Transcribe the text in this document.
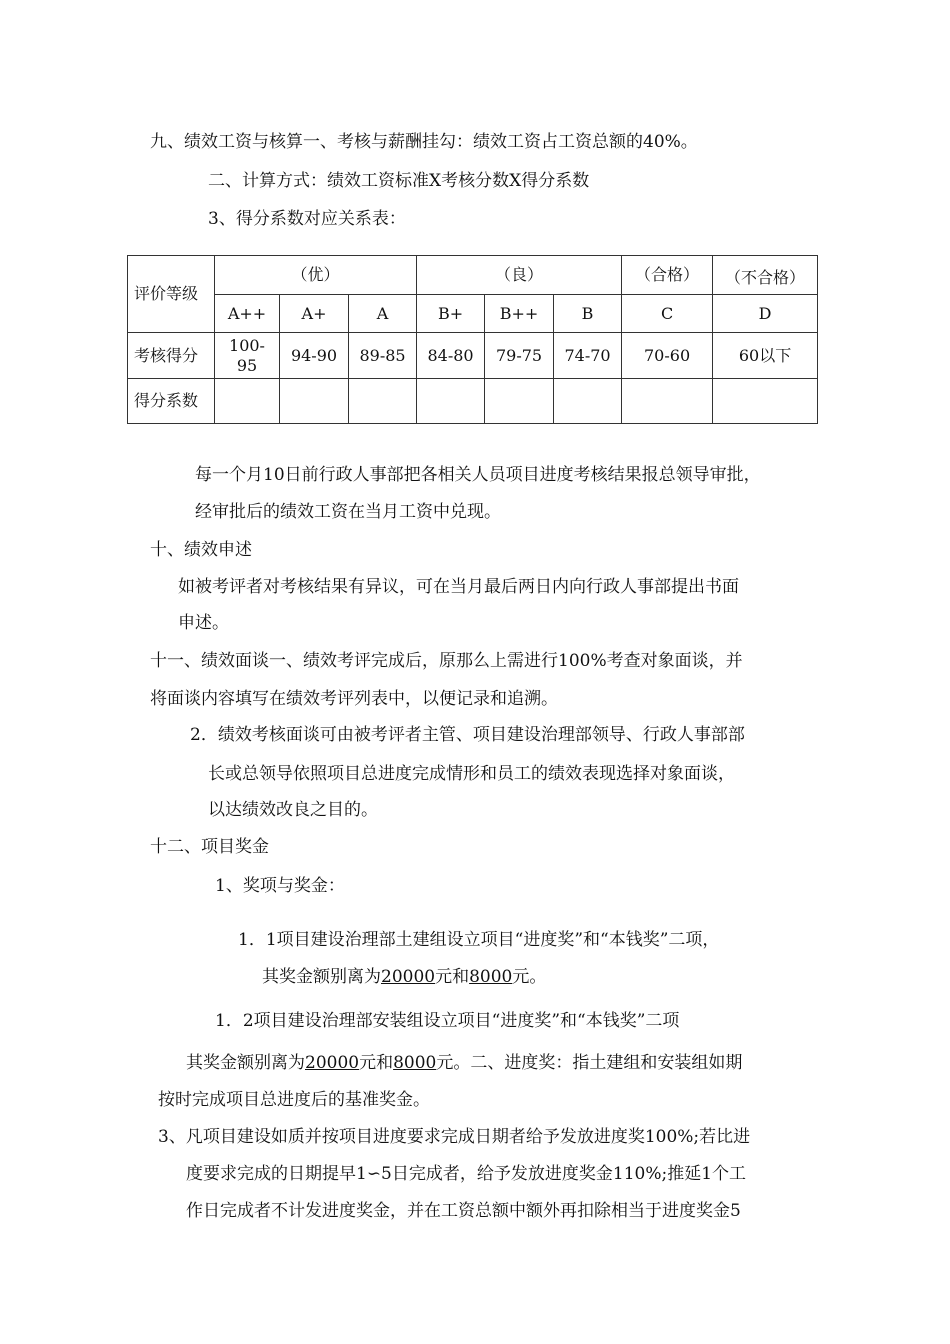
九、绩效工资与核算一、考核与薪酬挂勾：绩效工资占工资总额的40%。
二、计算方式：绩效工资标准X考核分数X得分系数
3、得分系数对应关系表：
评价等级	（优）			（良）			（合格）	（不合格）

	A++	A+	A	B+	B++	B	C	D
考核得分	100-95	94-90	89-85	84-80	79-75	74-70	70-60	60以下
得分系数								
每一个月10日前行政人事部把各相关人员项目进度考核结果报总领导审批，
经审批后的绩效工资在当月工资中兑现。
十、绩效申述
如被考评者对考核结果有异议，可在当月最后两日内向行政人事部提出书面
申述。
十一、绩效面谈一、绩效考评完成后，原那么上需进行100%考查对象面谈，并
将面谈内容填写在绩效考评列表中，以便记录和追溯。
2．绩效考核面谈可由被考评者主管、项目建设治理部领导、行政人事部部
长或总领导依照项目总进度完成情形和员工的绩效表现选择对象面谈，
以达绩效改良之目的。
十二、项目奖金
1、奖项与奖金：
1．1项目建设治理部土建组设立项目“进度奖”和“本钱奖”二项，
其奖金额别离为20000元和8000元。
1．2项目建设治理部安装组设立项目“进度奖”和“本钱奖”二项
其奖金额别离为20000元和8000元。二、进度奖：指土建组和安装组如期
按时完成项目总进度后的基准奖金。
3、凡项目建设如质并按项目进度要求完成日期者给予发放进度奖100%;若比进
度要求完成的日期提早1∽5日完成者，给予发放进度奖金110%;推延1个工
作日完成者不计发进度奖金，并在工资总额中额外再扣除相当于进度奖金5
